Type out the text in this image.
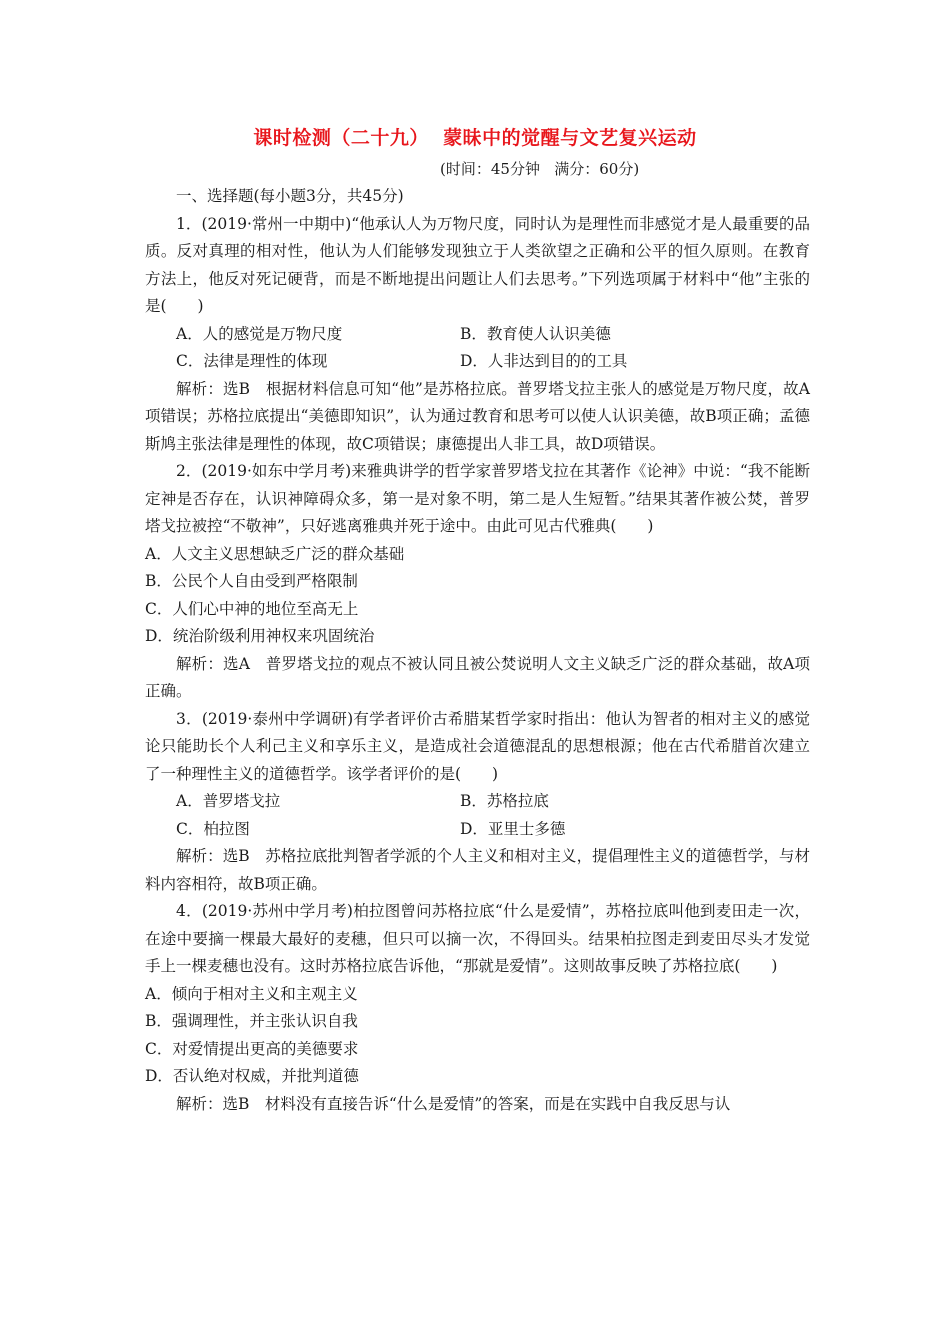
课时检测（二十九）  蒙昧中的觉醒与文艺复兴运动
(时间：45分钟   满分：60分)

一、选择题(每小题3分，共45分)

1．(2019·常州一中期中)“他承认人为万物尺度，同时认为是理性而非感觉才是人最重要的品质。反对真理的相对性，他认为人们能够发现独立于人类欲望之正确和公平的恒久原则。在教育方法上，他反对死记硬背，而是不断地提出问题让人们去思考。”下列选项属于材料中“他”主张的是(　　)

A．人的感觉是万物尺度	B．教育使人认识美德
C．法律是理性的体现	D．人非达到目的的工具

解析：选B　根据材料信息可知“他”是苏格拉底。普罗塔戈拉主张人的感觉是万物尺度，故A项错误；苏格拉底提出“美德即知识”，认为通过教育和思考可以使人认识美德，故B项正确；孟德斯鸠主张法律是理性的体现，故C项错误；康德提出人非工具，故D项错误。

2．(2019·如东中学月考)来雅典讲学的哲学家普罗塔戈拉在其著作《论神》中说：“我不能断定神是否存在，认识神障碍众多，第一是对象不明，第二是人生短暂。”结果其著作被公焚，普罗塔戈拉被控“不敬神”，只好逃离雅典并死于途中。由此可见古代雅典(　　)

A．人文主义思想缺乏广泛的群众基础

B．公民个人自由受到严格限制

C．人们心中神的地位至高无上

D．统治阶级利用神权来巩固统治

解析：选A　普罗塔戈拉的观点不被认同且被公焚说明人文主义缺乏广泛的群众基础，故A项正确。

3．(2019·泰州中学调研)有学者评价古希腊某哲学家时指出：他认为智者的相对主义的感觉论只能助长个人利己主义和享乐主义，是造成社会道德混乱的思想根源；他在古代希腊首次建立了一种理性主义的道德哲学。该学者评价的是(　　)

A．普罗塔戈拉	B．苏格拉底
C．柏拉图	D．亚里士多德

解析：选B　苏格拉底批判智者学派的个人主义和相对主义，提倡理性主义的道德哲学，与材料内容相符，故B项正确。

4．(2019·苏州中学月考)柏拉图曾问苏格拉底“什么是爱情”，苏格拉底叫他到麦田走一次，在途中要摘一棵最大最好的麦穗，但只可以摘一次，不得回头。结果柏拉图走到麦田尽头才发觉手上一棵麦穗也没有。这时苏格拉底告诉他，“那就是爱情”。这则故事反映了苏格拉底(　　)

A．倾向于相对主义和主观主义

B．强调理性，并主张认识自我

C．对爱情提出更高的美德要求

D．否认绝对权威，并批判道德

解析：选B　材料没有直接告诉“什么是爱情”的答案，而是在实践中自我反思与认
